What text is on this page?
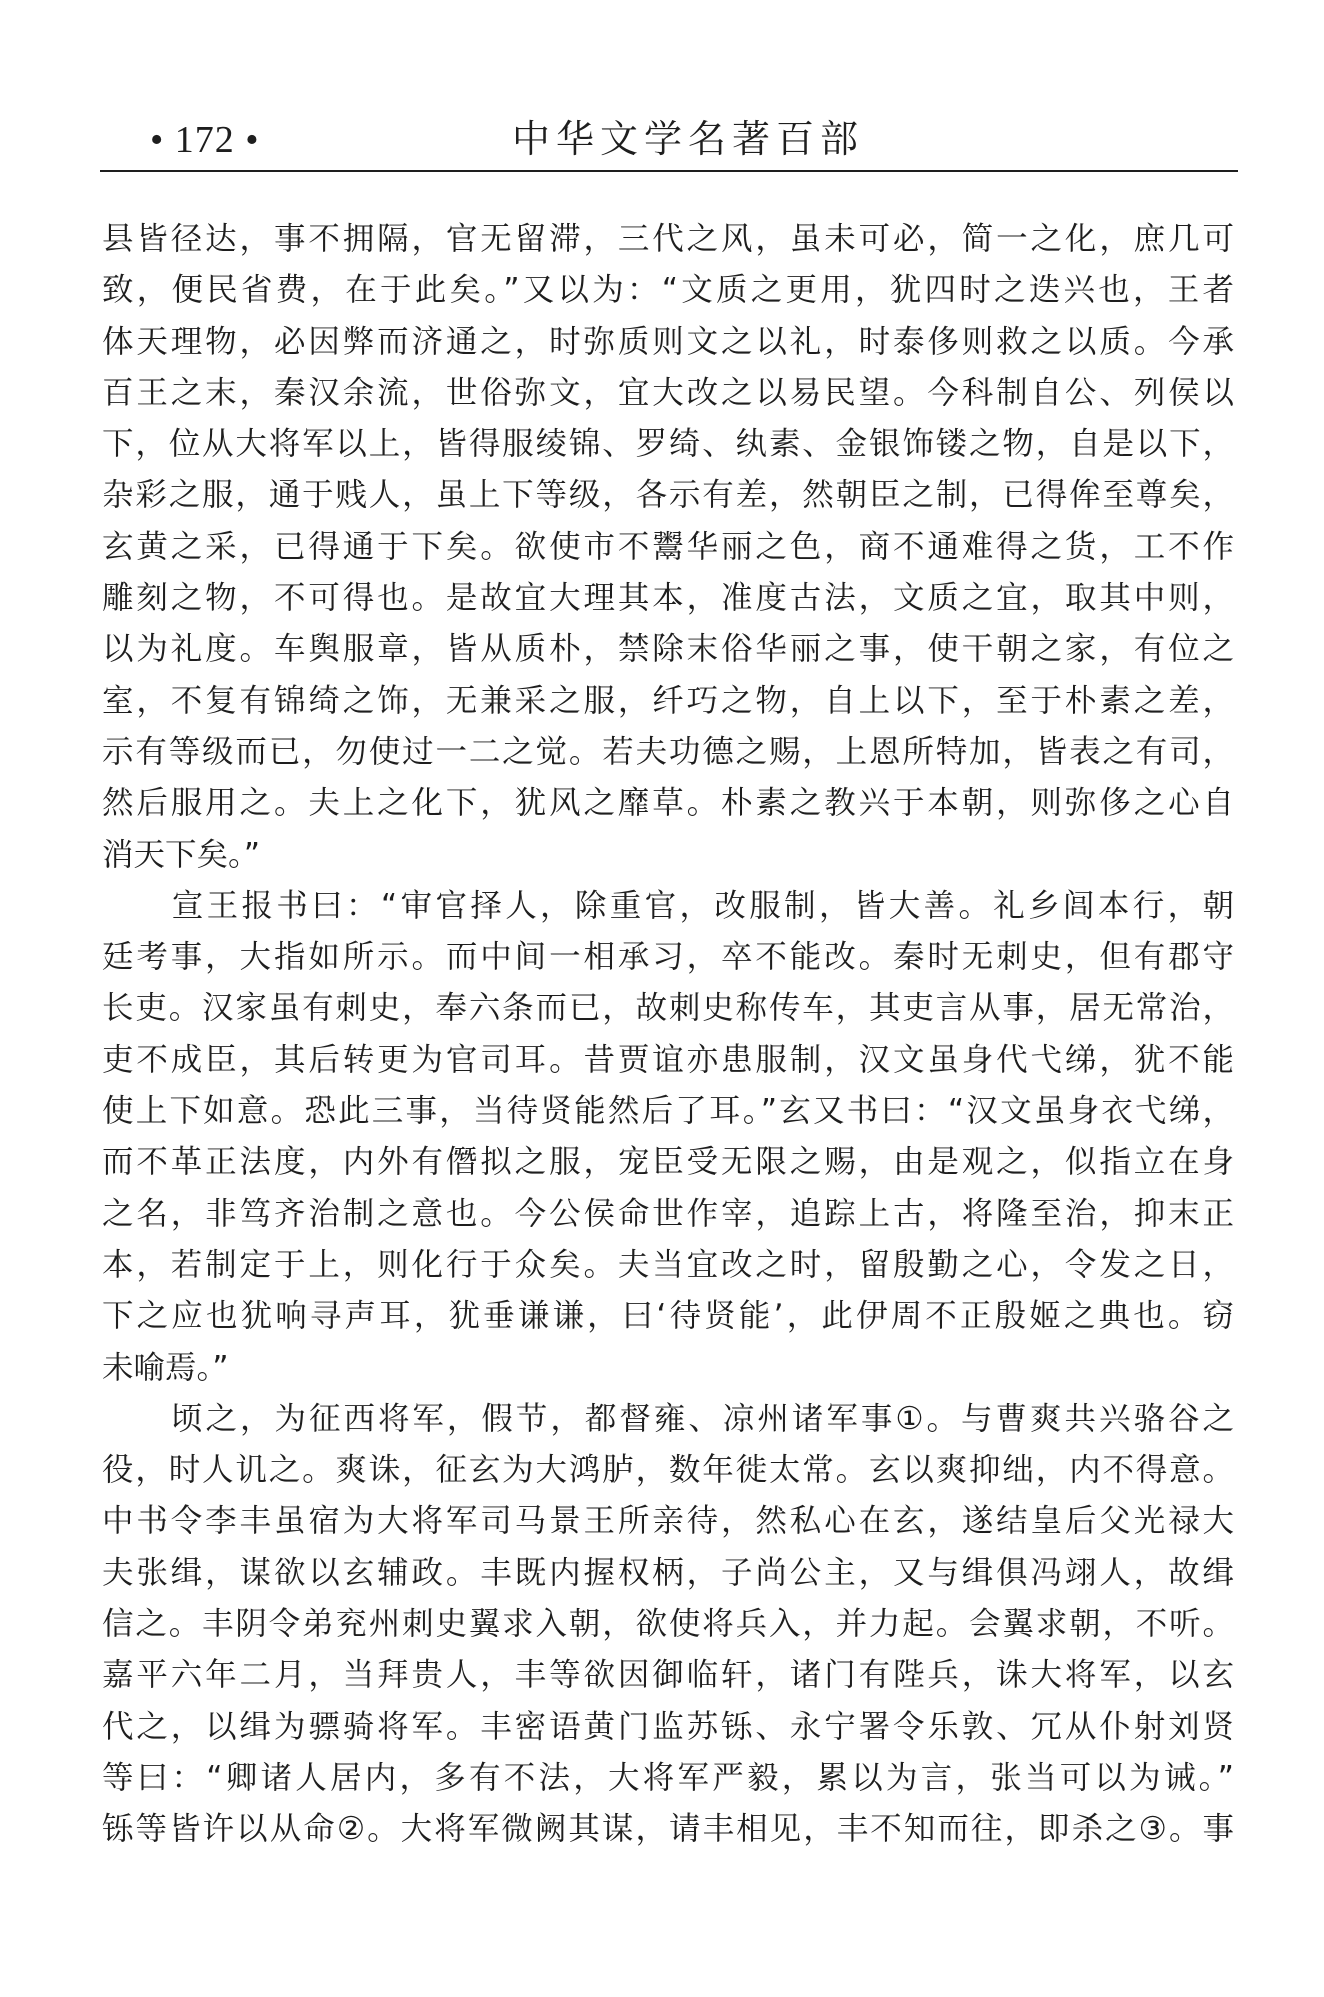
• 172 •	中华文学名著百部
县皆径达，事不拥隔，官无留滞，三代之风，虽未可必，简一之化，庶几可
致，便民省费，在于此矣。”又以为：“文质之更用，犹四时之迭兴也，王者
体天理物，必因弊而济通之，时弥质则文之以礼，时泰侈则救之以质。今承
百王之末，秦汉余流，世俗弥文，宜大改之以易民望。今科制自公、列侯以
下，位从大将军以上，皆得服绫锦、罗绮、纨素、金银饰镂之物，自是以下，
杂彩之服，通于贱人，虽上下等级，各示有差，然朝臣之制，已得侔至尊矣，
玄黄之采，已得通于下矣。欲使市不鬻华丽之色，商不通难得之货，工不作
雕刻之物，不可得也。是故宜大理其本，准度古法，文质之宜，取其中则，
以为礼度。车舆服章，皆从质朴，禁除末俗华丽之事，使干朝之家，有位之
室，不复有锦绮之饰，无兼采之服，纤巧之物，自上以下，至于朴素之差，
示有等级而已，勿使过一二之觉。若夫功德之赐，上恩所特加，皆表之有司，
然后服用之。夫上之化下，犹风之靡草。朴素之教兴于本朝，则弥侈之心自
消天下矣。”
　　宣王报书曰：“审官择人，除重官，改服制，皆大善。礼乡闾本行，朝
廷考事，大指如所示。而中间一相承习，卒不能改。秦时无刺史，但有郡守
长吏。汉家虽有刺史，奉六条而已，故刺史称传车，其吏言从事，居无常治，
吏不成臣，其后转更为官司耳。昔贾谊亦患服制，汉文虽身代弋绨，犹不能
使上下如意。恐此三事，当待贤能然后了耳。”玄又书曰：“汉文虽身衣弋绨，
而不革正法度，内外有僭拟之服，宠臣受无限之赐，由是观之，似指立在身
之名，非笃齐治制之意也。今公侯命世作宰，追踪上古，将隆至治，抑末正
本，若制定于上，则化行于众矣。夫当宜改之时，留殷勤之心，令发之日，
下之应也犹响寻声耳，犹垂谦谦，曰‘待贤能’，此伊周不正殷姬之典也。窃
未喻焉。”
　　顷之，为征西将军，假节，都督雍、凉州诸军事①。与曹爽共兴骆谷之
役，时人讥之。爽诛，征玄为大鸿胪，数年徙太常。玄以爽抑绌，内不得意。
中书令李丰虽宿为大将军司马景王所亲待，然私心在玄，遂结皇后父光禄大
夫张缉，谋欲以玄辅政。丰既内握权柄，子尚公主，又与缉俱冯翊人，故缉
信之。丰阴令弟兖州刺史翼求入朝，欲使将兵入，并力起。会翼求朝，不听。
嘉平六年二月，当拜贵人，丰等欲因御临轩，诸门有陛兵，诛大将军，以玄
代之，以缉为骠骑将军。丰密语黄门监苏铄、永宁署令乐敦、冗从仆射刘贤
等曰：“卿诸人居内，多有不法，大将军严毅，累以为言，张当可以为诫。”
铄等皆许以从命②。大将军微阙其谋，请丰相见，丰不知而往，即杀之③。事
